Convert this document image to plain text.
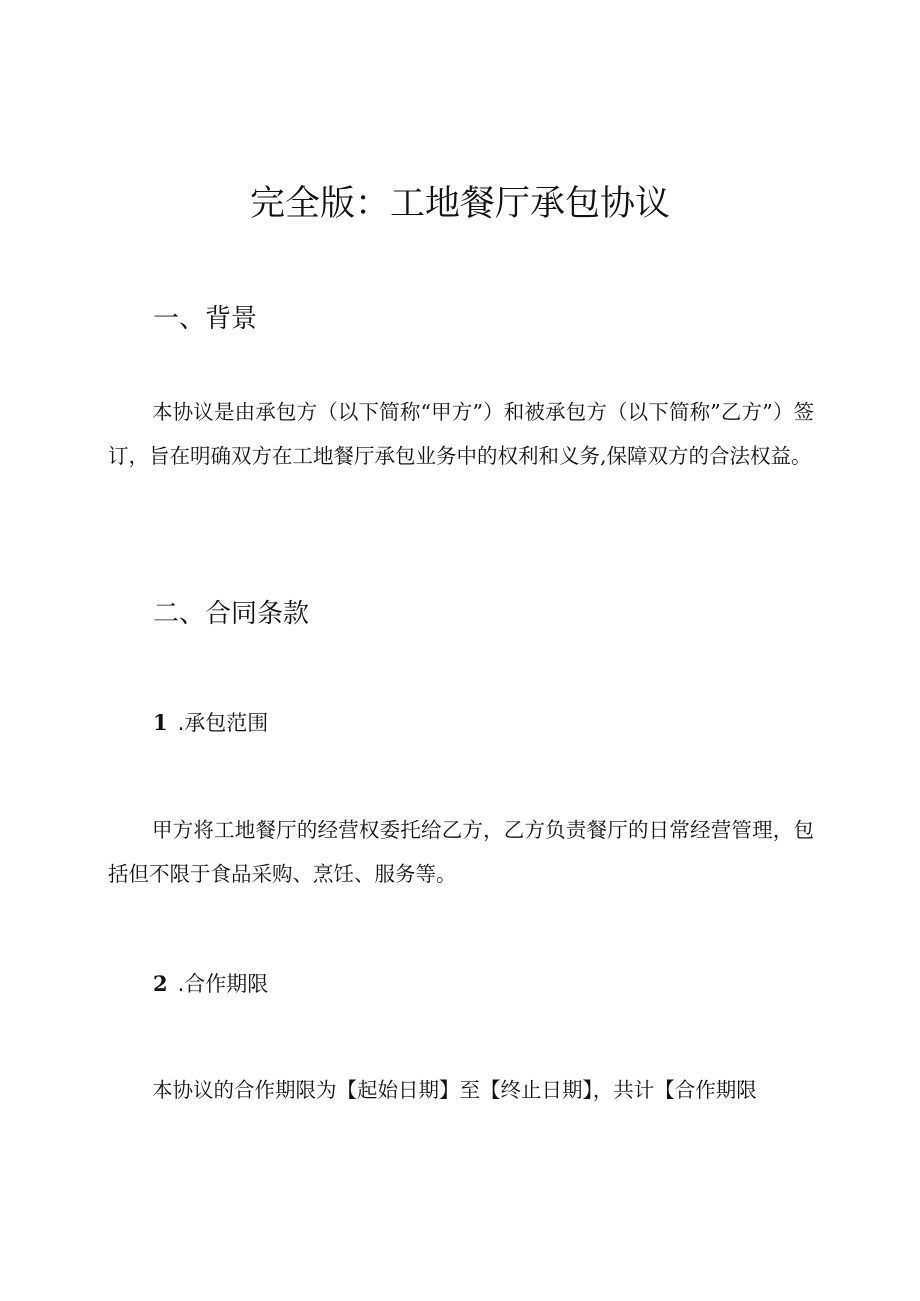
完全版：工地餐厅承包协议
一、背景

本协议是由承包方（以下简称“甲方”）和被承包方（以下简称”乙方”）签订，旨在明确双方在工地餐厅承包业务中的权利和义务,保障双方的合法权益。

二、合同条款
1 .承包范围

甲方将工地餐厅的经营权委托给乙方，乙方负责餐厅的日常经营管理，包括但不限于食品采购、烹饪、服务等。

2 .合作期限

本协议的合作期限为【起始日期】至【终止日期】，共计【合作期限
